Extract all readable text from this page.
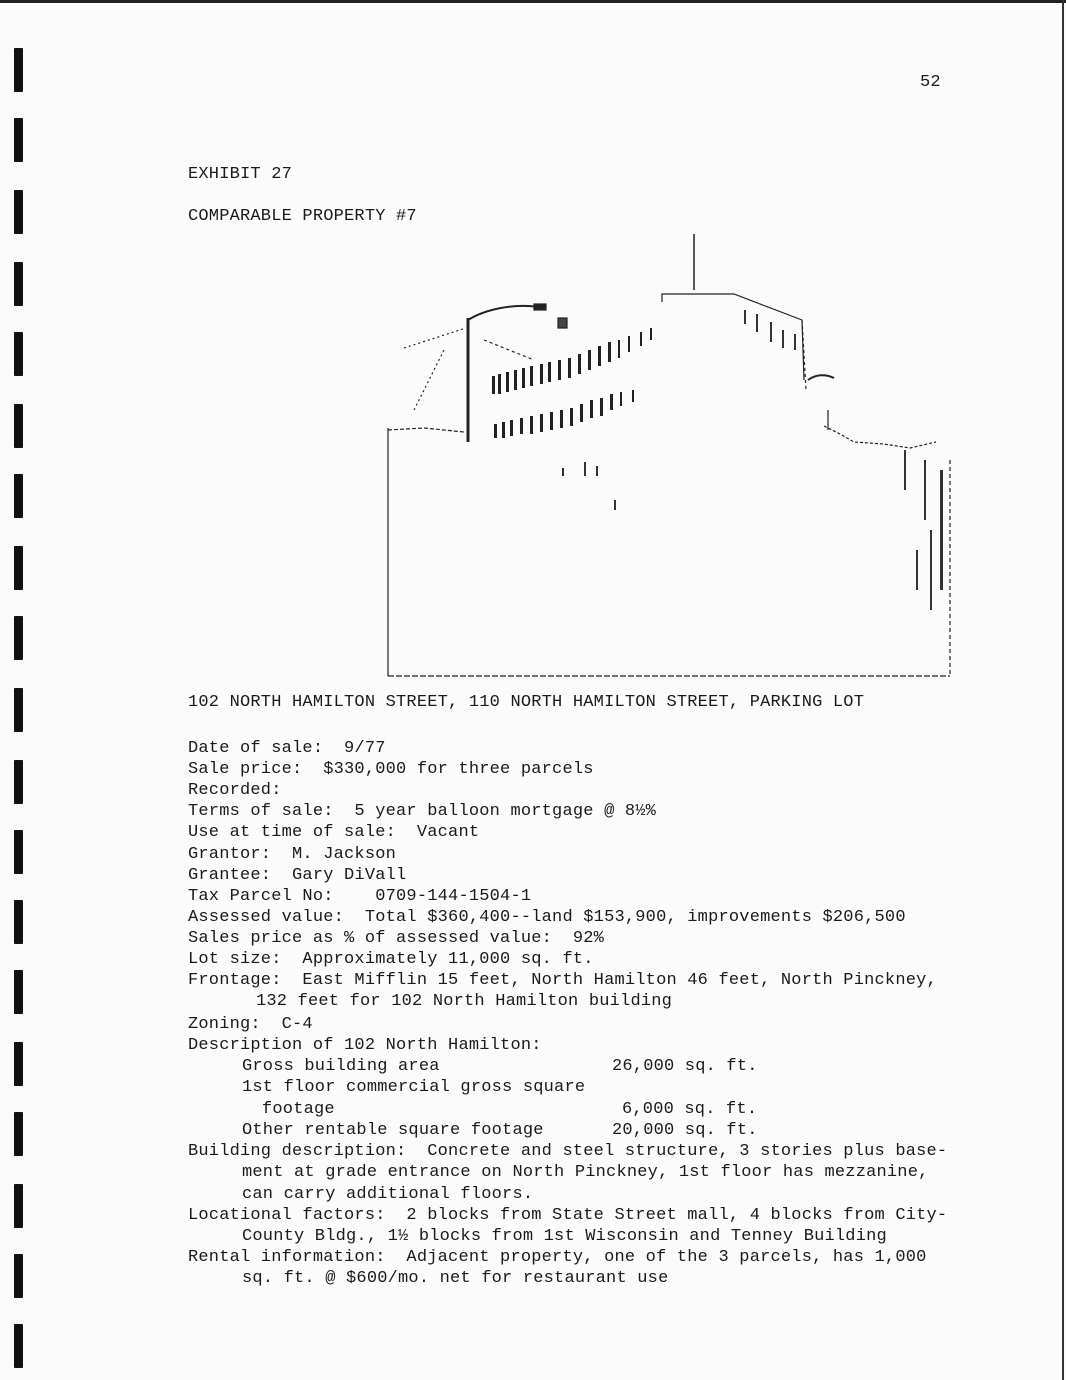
52
EXHIBIT 27
COMPARABLE PROPERTY #7
102 NORTH HAMILTON STREET, 110 NORTH HAMILTON STREET, PARKING LOT
Date of sale:  9/77
Sale price:  $330,000 for three parcels
Recorded:
Terms of sale:  5 year balloon mortgage @ 8½%
Use at time of sale:  Vacant
Grantor:  M. Jackson
Grantee:  Gary DiVall
Tax Parcel No:    0709-144-1504-1
Assessed value:  Total $360,400--land $153,900, improvements $206,500
Sales price as % of assessed value:  92%
Lot size:  Approximately 11,000 sq. ft.
Frontage:  East Mifflin 15 feet, North Hamilton 46 feet, North Pinckney,
132 feet for 102 North Hamilton building
Zoning:  C-4
Description of 102 North Hamilton:
Gross building area	26,000 sq. ft.
1st floor commercial gross square
footage	6,000 sq. ft.
Other rentable square footage	20,000 sq. ft.
Building description:  Concrete and steel structure, 3 stories plus base-
ment at grade entrance on North Pinckney, 1st floor has mezzanine,
can carry additional floors.
Locational factors:  2 blocks from State Street mall, 4 blocks from City-
County Bldg., 1½ blocks from 1st Wisconsin and Tenney Building
Rental information:  Adjacent property, one of the 3 parcels, has 1,000
sq. ft. @ $600/mo. net for restaurant use
